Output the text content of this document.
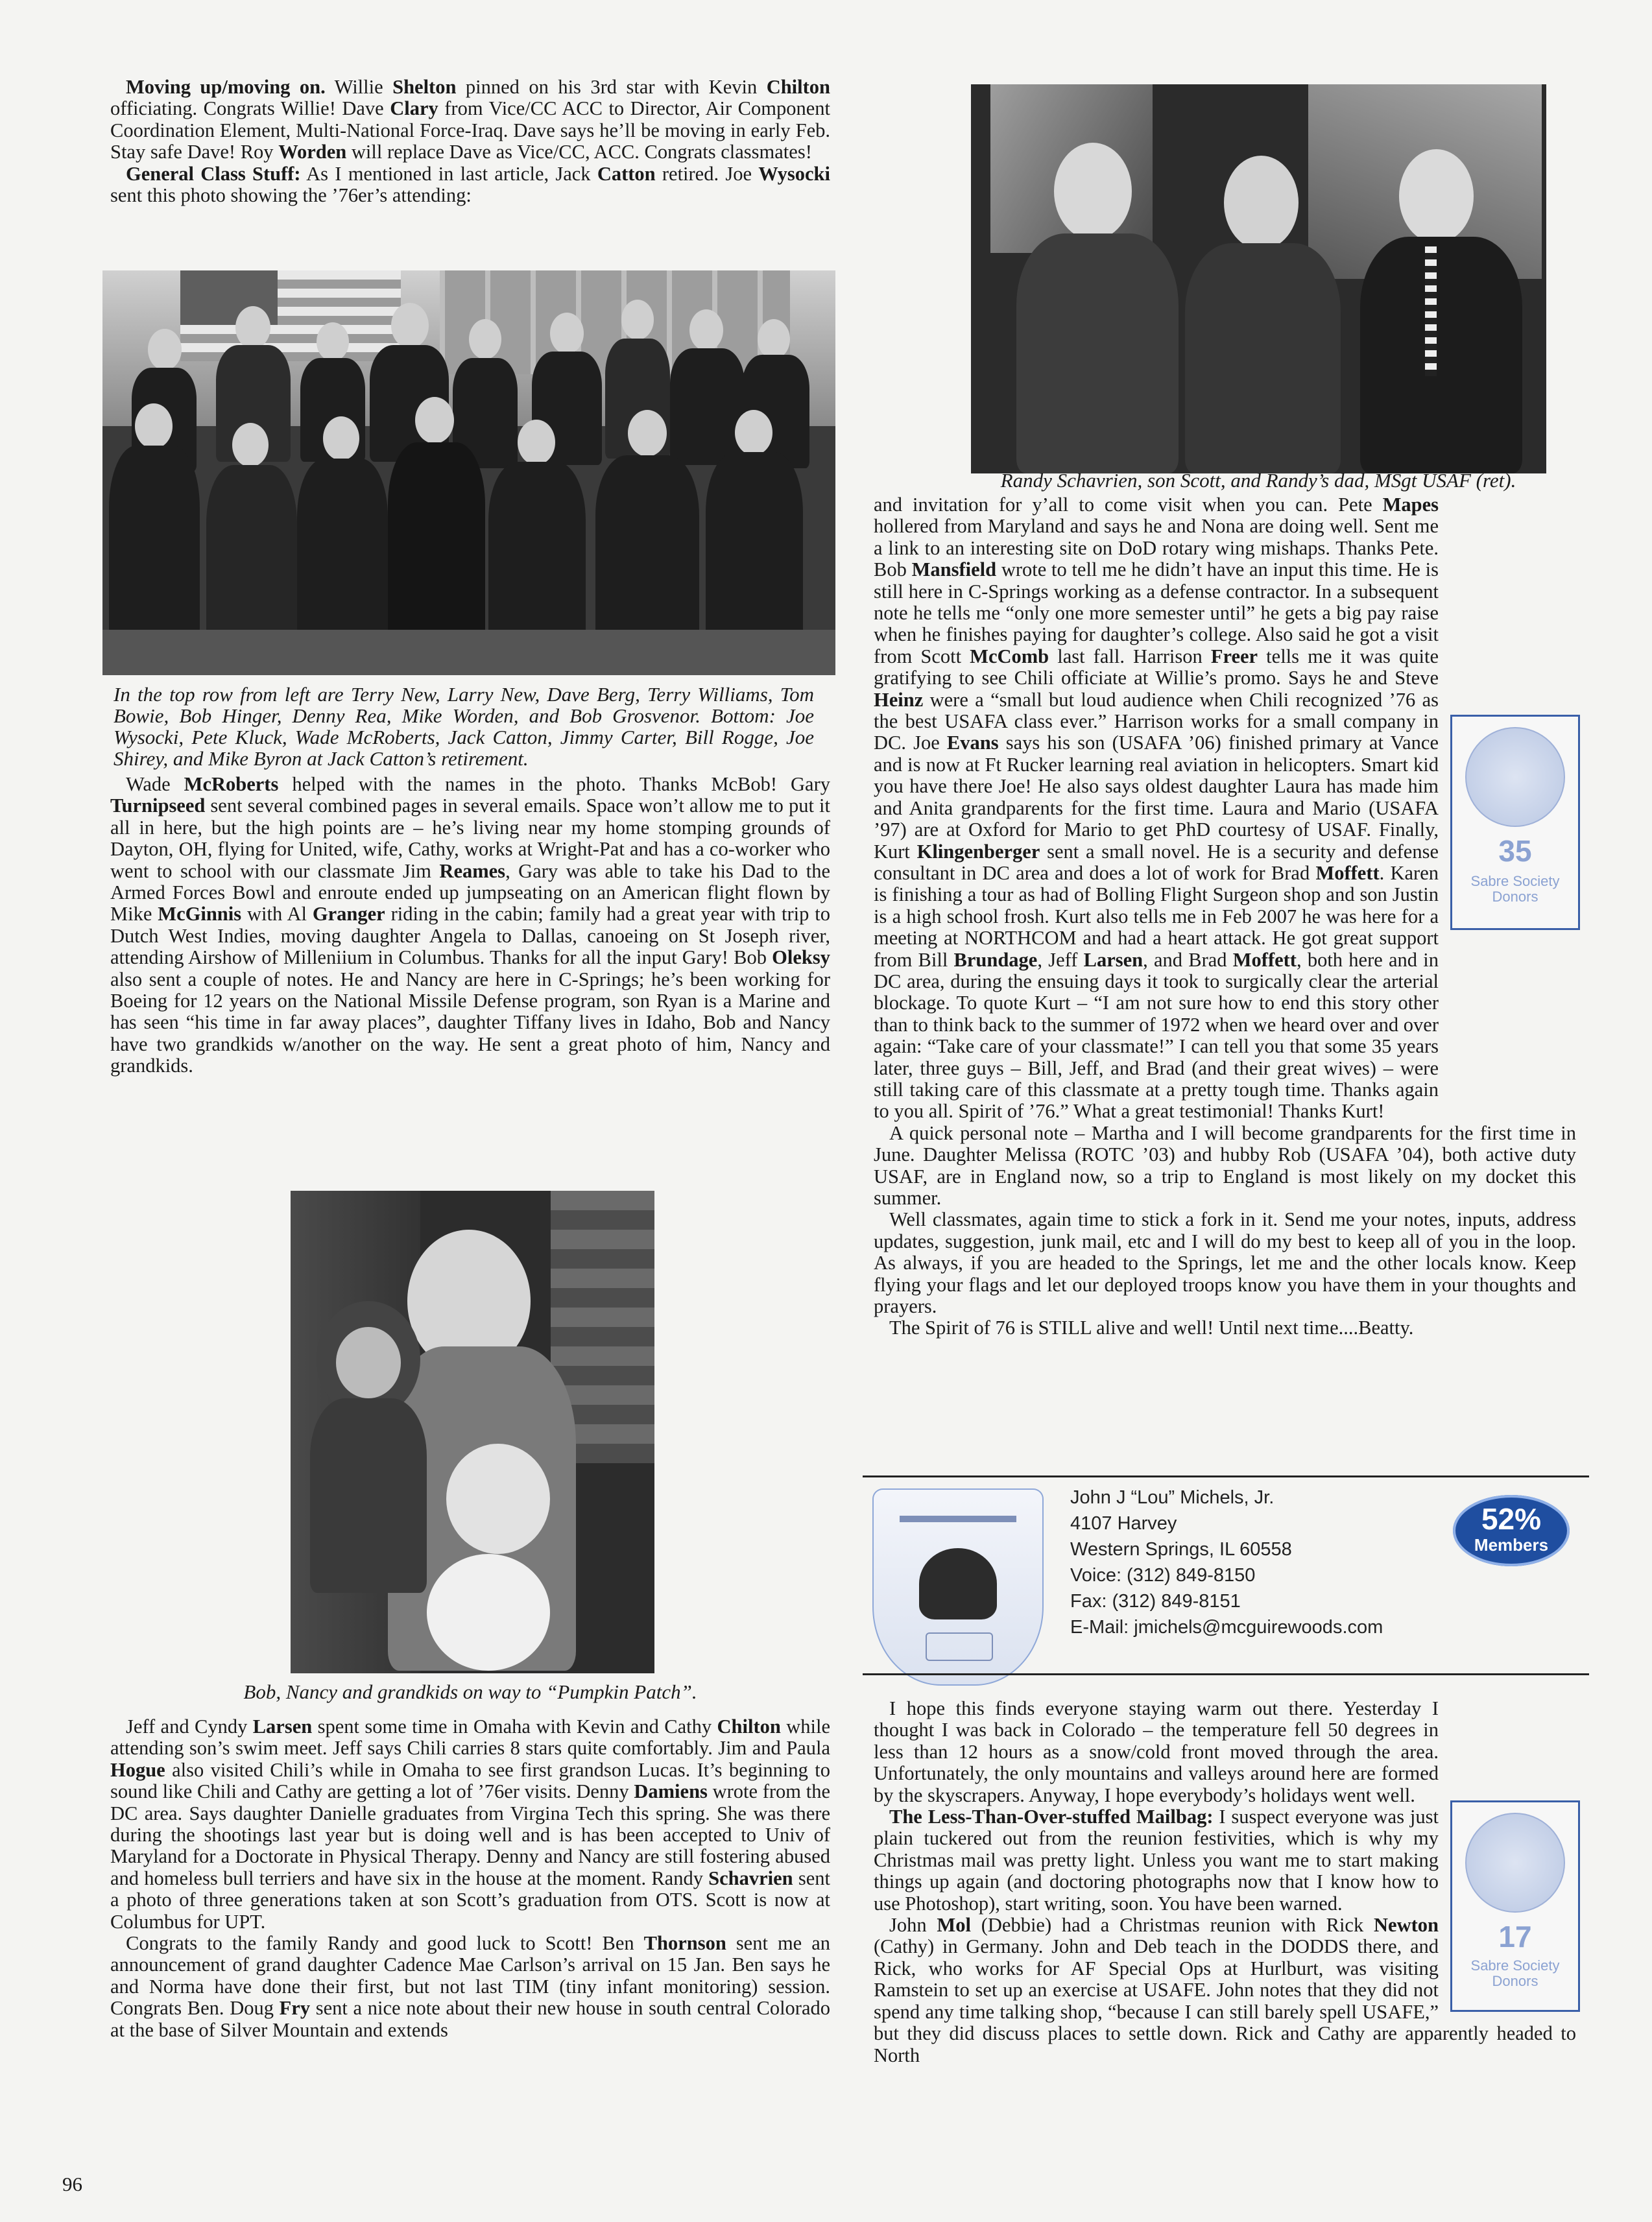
Moving up/moving on. Willie Shelton pinned on his 3rd star with Kevin Chilton officiating. Congrats Willie! Dave Clary from Vice/CC ACC to Director, Air Component Coordination Element, Multi-National Force-Iraq. Dave says he’ll be moving in early Feb. Stay safe Dave! Roy Worden will replace Dave as Vice/CC, ACC. Congrats classmates!

General Class Stuff: As I mentioned in last article, Jack Catton retired. Joe Wysocki sent this photo showing the ’76er’s attending:

In the top row from left are Terry New, Larry New, Dave Berg, Terry Williams, Tom Bowie, Bob Hinger, Denny Rea, Mike Worden, and Bob Grosvenor. Bottom: Joe Wysocki, Pete Kluck, Wade McRoberts, Jack Catton, Jimmy Carter, Bill Rogge, Joe Shirey, and Mike Byron at Jack Catton’s retirement.

Wade McRoberts helped with the names in the photo. Thanks McBob! Gary Turnipseed sent several combined pages in several emails. Space won’t allow me to put it all in here, but the high points are – he’s living near my home stomping grounds of Dayton, OH, flying for United, wife, Cathy, works at Wright-Pat and has a co-worker who went to school with our classmate Jim Reames, Gary was able to take his Dad to the Armed Forces Bowl and enroute ended up jumpseating on an American flight flown by Mike McGinnis with Al Granger riding in the cabin; family had a great year with trip to Dutch West Indies, moving daughter Angela to Dallas, canoeing on St Joseph river, attending Airshow of Milleniium in Columbus. Thanks for all the input Gary! Bob Oleksy also sent a couple of notes. He and Nancy are here in C-Springs; he’s been working for Boeing for 12 years on the National Missile Defense program, son Ryan is a Marine and has seen “his time in far away places”, daughter Tiffany lives in Idaho, Bob and Nancy have two grandkids w/another on the way. He sent a great photo of him, Nancy and grandkids.

Bob, Nancy and grandkids on way to “Pumpkin Patch”.

Jeff and Cyndy Larsen spent some time in Omaha with Kevin and Cathy Chilton while attending son’s swim meet. Jeff says Chili carries 8 stars quite comfortably. Jim and Paula Hogue also visited Chili’s while in Omaha to see first grandson Lucas. It’s beginning to sound like Chili and Cathy are getting a lot of ’76er visits. Denny Damiens wrote from the DC area. Says daughter Danielle graduates from Virgina Tech this spring. She was there during the shootings last year but is doing well and is has been accepted to Univ of Maryland for a Doctorate in Physical Therapy. Denny and Nancy are still fostering abused and homeless bull terriers and have six in the house at the moment. Randy Schavrien sent a photo of three generations taken at son Scott’s graduation from OTS. Scott is now at Columbus for UPT.

Congrats to the family Randy and good luck to Scott! Ben Thornson sent me an announcement of grand daughter Cadence Mae Carlson’s arrival on 15 Jan. Ben says he and Norma have done their first, but not last TIM (tiny infant monitoring) session. Congrats Ben. Doug Fry sent a nice note about their new house in south central Colorado at the base of Silver Mountain and extends

96
Randy Schavrien, son Scott, and Randy’s dad, MSgt USAF (ret).

and invitation for y’all to come visit when you can. Pete Mapes hollered from Maryland and says he and Nona are doing well. Sent me a link to an interesting site on DoD rotary wing mishaps. Thanks Pete. Bob Mansfield wrote to tell me he didn’t have an input this time. He is still here in C-Springs working as a defense contractor. In a subsequent note he tells me “only one more semester until” he gets a big pay raise when he finishes paying for daughter’s college. Also said he got a visit from Scott McComb last fall. Harrison Freer tells me it was quite gratifying to see Chili officiate at Willie’s promo. Says he and Steve Heinz were a “small but loud audience when Chili recognized ’76 as the best USAFA class ever.” Harrison works for a small company in DC. Joe Evans says his son (USAFA ’06) finished primary at Vance and is now at Ft Rucker learning real aviation in helicopters. Smart kid you have there Joe! He also says oldest daughter Laura has made him and Anita grandparents for the first time. Laura and Mario (USAFA ’97) are at Oxford for Mario to get PhD courtesy of USAF. Finally, Kurt Klingenberger sent a small novel. He is a security and defense consultant in DC area and does a lot of work for Brad Moffett. Karen is finishing a tour as had of Bolling Flight Surgeon shop and son Justin is a high school frosh. Kurt also tells me in Feb 2007 he was here for a meeting at NORTHCOM and had a heart attack. He got great support from Bill Brundage, Jeff Larsen, and Brad Moffett, both here and in DC area, during the ensuing days it took to surgically clear the arterial blockage. To quote Kurt – “I am not sure how to end this story other than to think back to the summer of 1972 when we heard over and over again: “Take care of your classmate!” I can tell you that some 35 years later, three guys – Bill, Jeff, and Brad (and their great wives) – were still taking care of this classmate at a pretty tough time. Thanks again to you all. Spirit of ’76.” What a great testimonial! Thanks Kurt!

A quick personal note – Martha and I will become grandparents for the first time in June. Daughter Melissa (ROTC ’03) and hubby Rob (USAFA ’04), both active duty USAF, are in England now, so a trip to England is most likely on my docket this summer.

Well classmates, again time to stick a fork in it. Send me your notes, inputs, address updates, suggestion, junk mail, etc and I will do my best to keep all of you in the loop. As always, if you are headed to the Springs, let me and the other locals know. Keep flying your flags and let our deployed troops know you have them in your thoughts and prayers.

The Spirit of 76 is STILL alive and well! Until next time....Beatty.

35
Sabre Society
Donors
John J “Lou” Michels, Jr.
4107 Harvey
Western Springs, IL 60558
Voice: (312) 849-8150
Fax: (312) 849-8151
E-Mail: jmichels@mcguirewoods.com
52%
Members

I hope this finds everyone staying warm out there. Yesterday I thought I was back in Colorado – the temperature fell 50 degrees in less than 12 hours as a snow/cold front moved through the area. Unfortunately, the only mountains and valleys around here are formed by the skyscrapers. Anyway, I hope everybody’s holidays went well.

The Less-Than-Over-stuffed Mailbag: I suspect everyone was just plain tuckered out from the reunion festivities, which is why my Christmas mail was pretty light. Unless you want me to start making things up again (and doctoring photographs now that I know how to use Photoshop), start writing, soon. You have been warned.

John Mol (Debbie) had a Christmas reunion with Rick Newton (Cathy) in Germany. John and Deb teach in the DODDS there, and Rick, who works for AF Special Ops at Hurlburt, was visiting Ramstein to set up an exercise at USAFE. John notes that they did not spend any time talking shop, “because I can still barely spell USAFE,” but they did discuss places to settle down. Rick and Cathy are apparently headed to North

17
Sabre Society
Donors
